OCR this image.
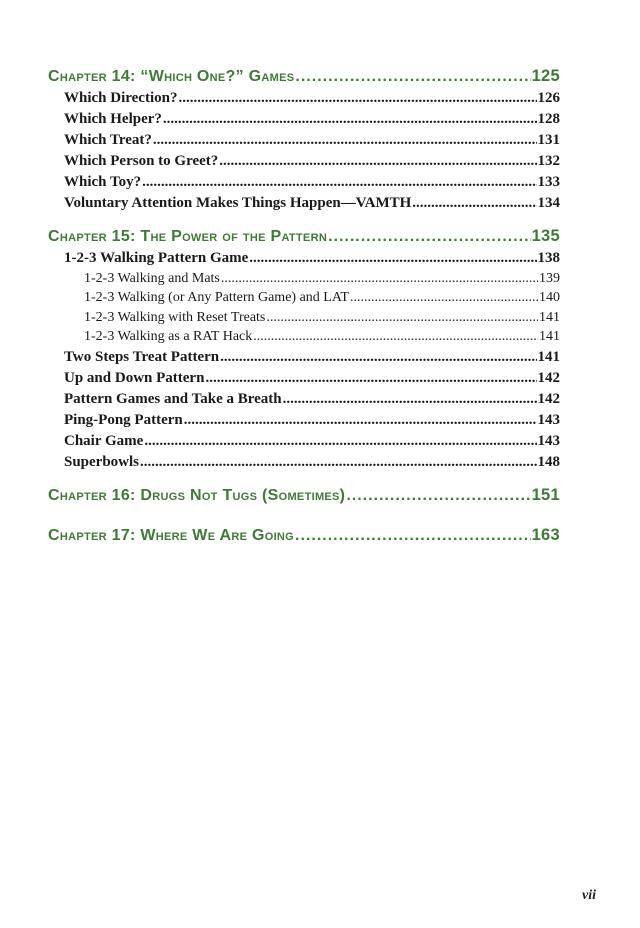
Chapter 14: “Which One?” Games .....	125
Which Direction? .....	126
Which Helper? .....	128
Which Treat? .....	131
Which Person to Greet? .....	132
Which Toy? .....	133
Voluntary Attention Makes Things Happen—VAMTH .....	134
Chapter 15: The Power of the Pattern .....	135
1-2-3 Walking Pattern Game .....	138
1-2-3 Walking and Mats .....	139
1-2-3 Walking (or Any Pattern Game) and LAT .....	140
1-2-3 Walking with Reset Treats .....	141
1-2-3 Walking as a RAT Hack .....	141
Two Steps Treat Pattern .....	141
Up and Down Pattern .....	142
Pattern Games and Take a Breath .....	142
Ping-Pong Pattern .....	143
Chair Game .....	143
Superbowls .....	148
Chapter 16: Drugs Not Tugs (Sometimes) .....	151
Chapter 17: Where We Are Going .....	163
vii
